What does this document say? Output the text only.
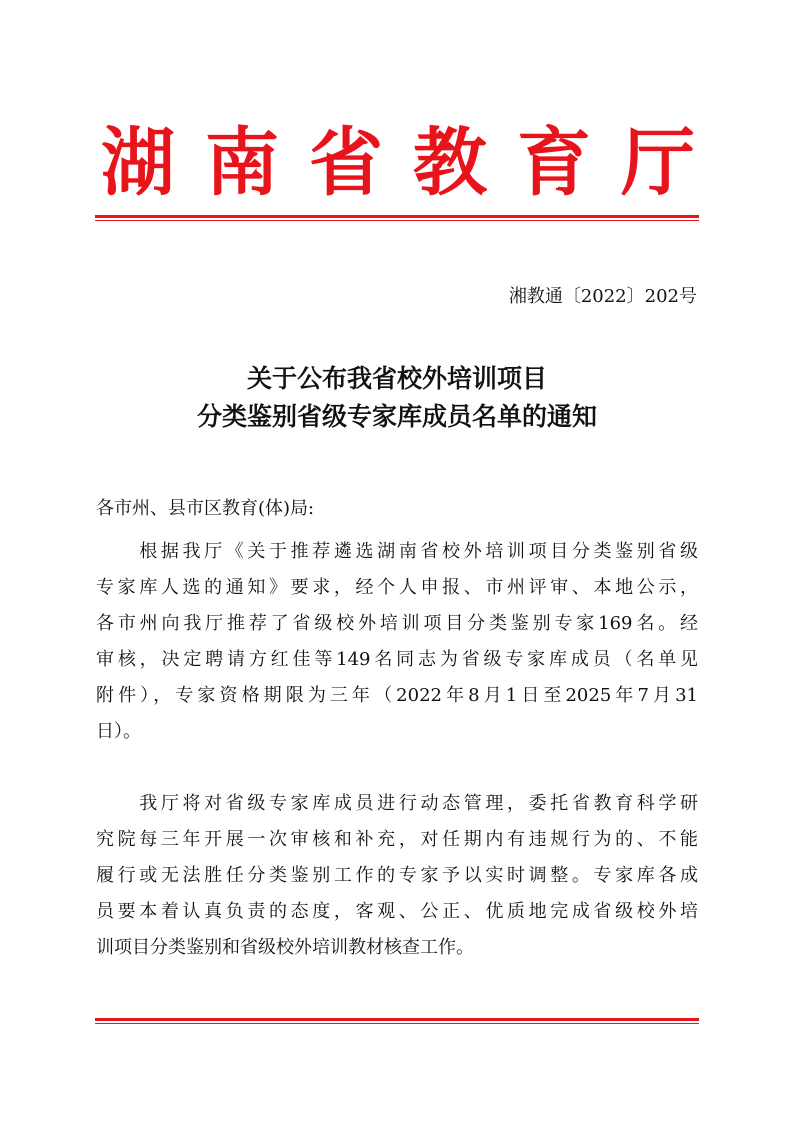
湖 南 省 教 育 厅
湘教通〔2022〕202号
关于公布我省校外培训项目
分类鉴别省级专家库成员名单的通知
各市州、县市区教育(体)局:
　　根据我厅《关于推荐遴选湖南省校外培训项目分类鉴别省级
专家库人选的通知》要求，经个人申报、市州评审、本地公示，
各市州向我厅推荐了省级校外培训项目分类鉴别专家169名。经
审核，决定聘请方红佳等149名同志为省级专家库成员（名单见
附件），专家资格期限为三年（2022年8月1日至2025年7月31
日）。
　　我厅将对省级专家库成员进行动态管理，委托省教育科学研
究院每三年开展一次审核和补充，对任期内有违规行为的、不能
履行或无法胜任分类鉴别工作的专家予以实时调整。专家库各成
员要本着认真负责的态度，客观、公正、优质地完成省级校外培
训项目分类鉴别和省级校外培训教材核查工作。
